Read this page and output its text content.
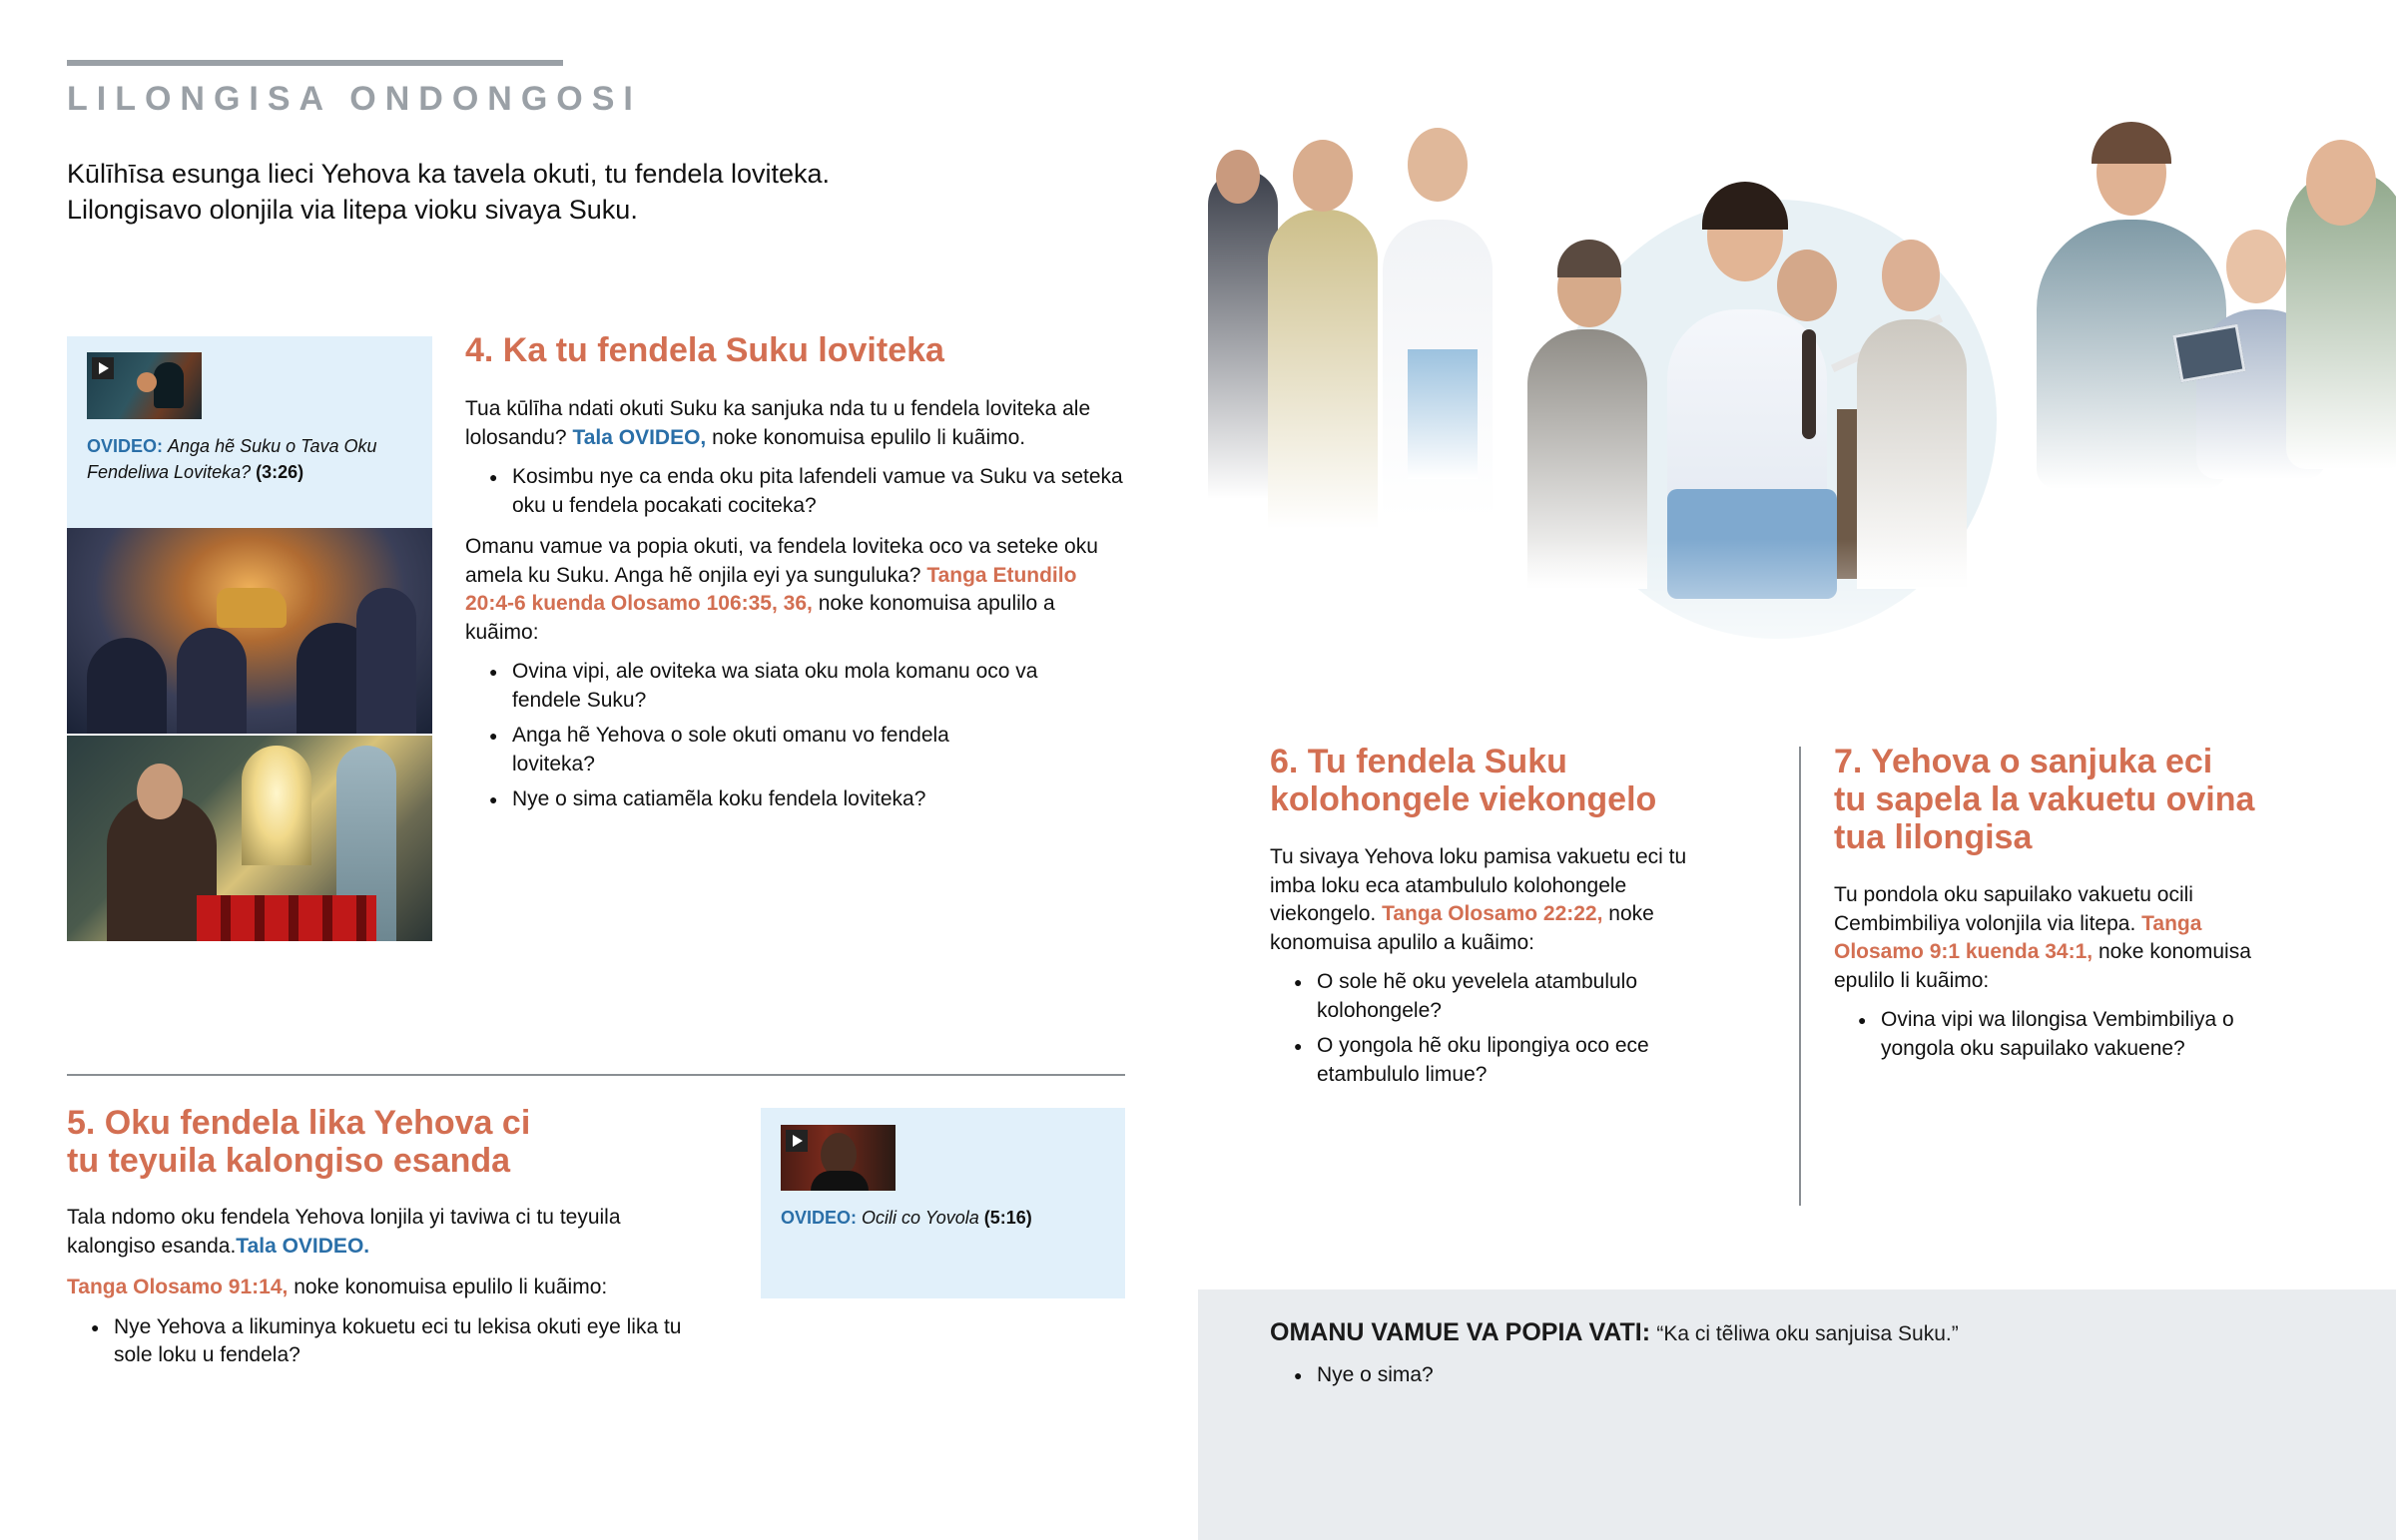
LILONGISA ONDONGOSI

Kūlīhīsa esunga lieci Yehova ka tavela okuti, tu fendela loviteka.

Lilongisavo olonjila via litepa vioku sivaya Suku.

OVIDEO: Anga hẽ Suku o Tava Oku Fendeliwa Loviteka? (3:26)
4. Ka tu fendela Suku loviteka

Tua kūlīha ndati okuti Suku ka sanjuka nda tu u fendela loviteka ale lolosandu? Tala OVIDEO, noke konomuisa epulilo li kuãimo.

● Kosimbu nye ca enda oku pita lafendeli vamue va Suku va seteka oku u fendela pocakati cociteka?

Omanu vamue va popia okuti, va fendela loviteka oco va seteke oku amela ku Suku. Anga hẽ onjila eyi ya sunguluka? Tanga Etundilo 20:4-6 kuenda Olosamo 106:35, 36, noke konomuisa apulilo a kuãimo:

● Ovina vipi, ale oviteka wa siata oku mola komanu oco va fendele Suku?
● Anga hẽ Yehova o sole okuti omanu vo fendela loviteka?
● Nye o sima catiamẽla koku fendela loviteka?
5. Oku fendela lika Yehova ci
tu teyuila kalongiso esanda

Tala ndomo oku fendela Yehova lonjila yi taviwa ci tu teyuila kalongiso esanda.Tala OVIDEO.

Tanga Olosamo 91:14, noke konomuisa epulilo li kuãimo:

● Nye Yehova a likuminya kokuetu eci tu lekisa okuti eye lika tu sole loku u fendela?
OVIDEO: Ocili co Yovola (5:16)
6. Tu fendela Suku
kolohongele viekongelo

Tu sivaya Yehova loku pamisa vakuetu eci tu imba loku eca atambululo kolohongele viekongelo. Tanga Olosamo 22:22, noke konomuisa apulilo a kuãimo:

● O sole hẽ oku yevelela atambululo kolohongele?
● O yongola hẽ oku lipongiya oco ece etambululo limue?
7. Yehova o sanjuka eci
tu sapela la vakuetu ovina
tua lilongisa

Tu pondola oku sapuilako vakuetu ocili Cembimbiliya volonjila via litepa. Tanga Olosamo 9:1 kuenda 34:1, noke konomuisa epulilo li kuãimo:

● Ovina vipi wa lilongisa Vembimbiliya o yongola oku sapuilako vakuene?
OMANU VAMUE VA POPIA VATI: “Ka ci tẽliwa oku sanjuisa Suku.”
● Nye o sima?
